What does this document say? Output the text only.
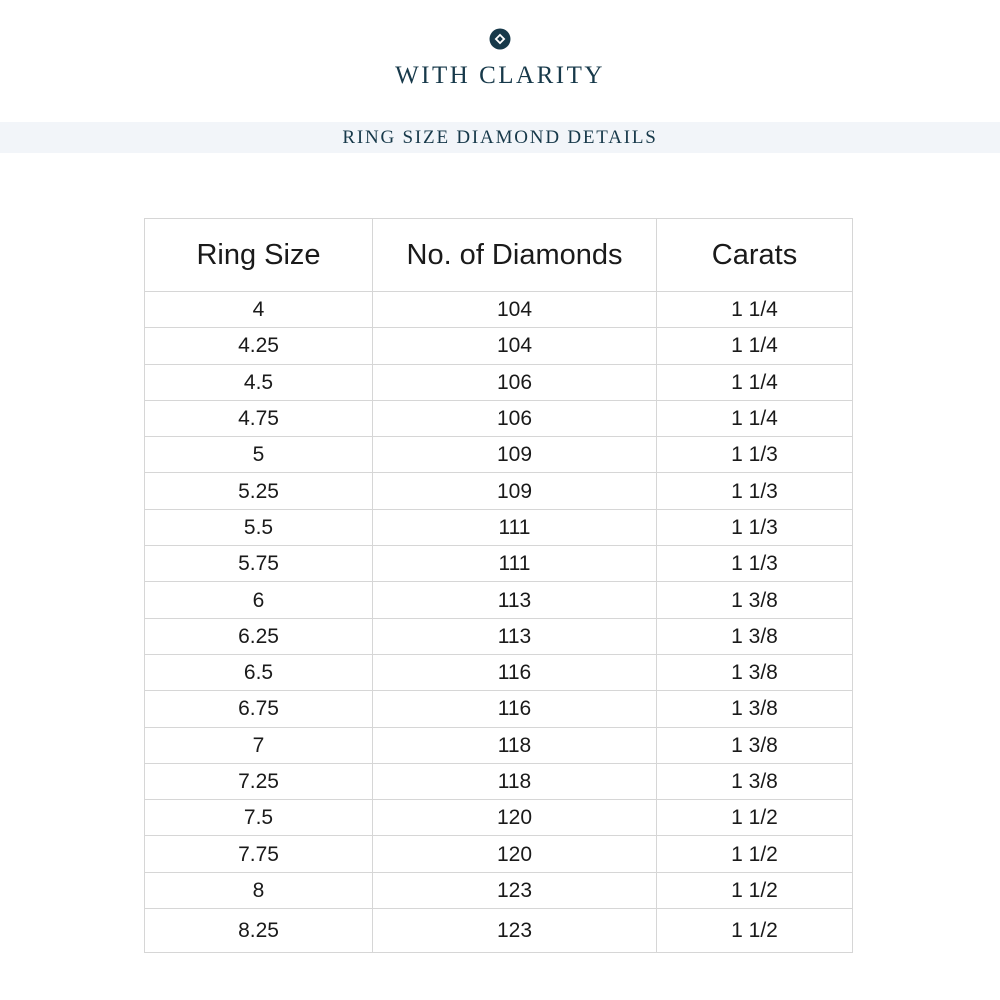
WITH CLARITY
RING SIZE DIAMOND DETAILS
Ring Size	No. of Diamonds	Carats
4	104	1 1/4
4.25	104	1 1/4
4.5	106	1 1/4
4.75	106	1 1/4
5	109	1 1/3
5.25	109	1 1/3
5.5	111	1 1/3
5.75	111	1 1/3
6	113	1 3/8
6.25	113	1 3/8
6.5	116	1 3/8
6.75	116	1 3/8
7	118	1 3/8
7.25	118	1 3/8
7.5	120	1 1/2
7.75	120	1 1/2
8	123	1 1/2
8.25	123	1 1/2
